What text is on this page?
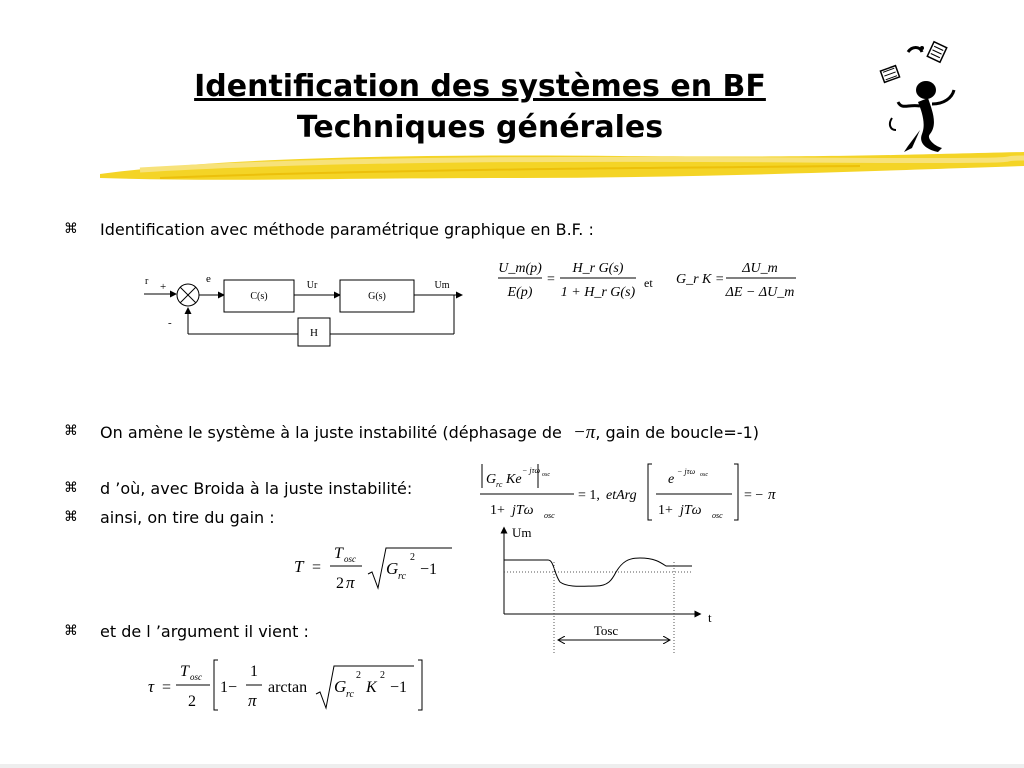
Identification des systèmes en BF
Techniques générales
⌘ Identification avec méthode paramétrique graphique en B.F. :
r +
e
C(s)
Ur
G(s)
Um
H
-
U_m(p)
E(p)
=
H_r G(s)
1 + H_r G(s)
et G_r K =
ΔU_m
ΔE − ΔU_m
⌘ On amène le système à la juste instabilité (déphasage de −π, gain de boucle=-1)
⌘ d ’où, avec Broida à la juste instabilité:
⌘ ainsi, on tire du gain :
G rc Ke
− jτω osc
1+ jTω osc
= 1, etArg
e
− jτω osc
1+ jTω osc
= − π
T =
T osc
2 π
G rc
2
−1
⌘ et de l ’argument il vient :
τ =
T osc
2
1−
1
π
arctan G rc
2
K
2
−1
Um
t
Tosc
